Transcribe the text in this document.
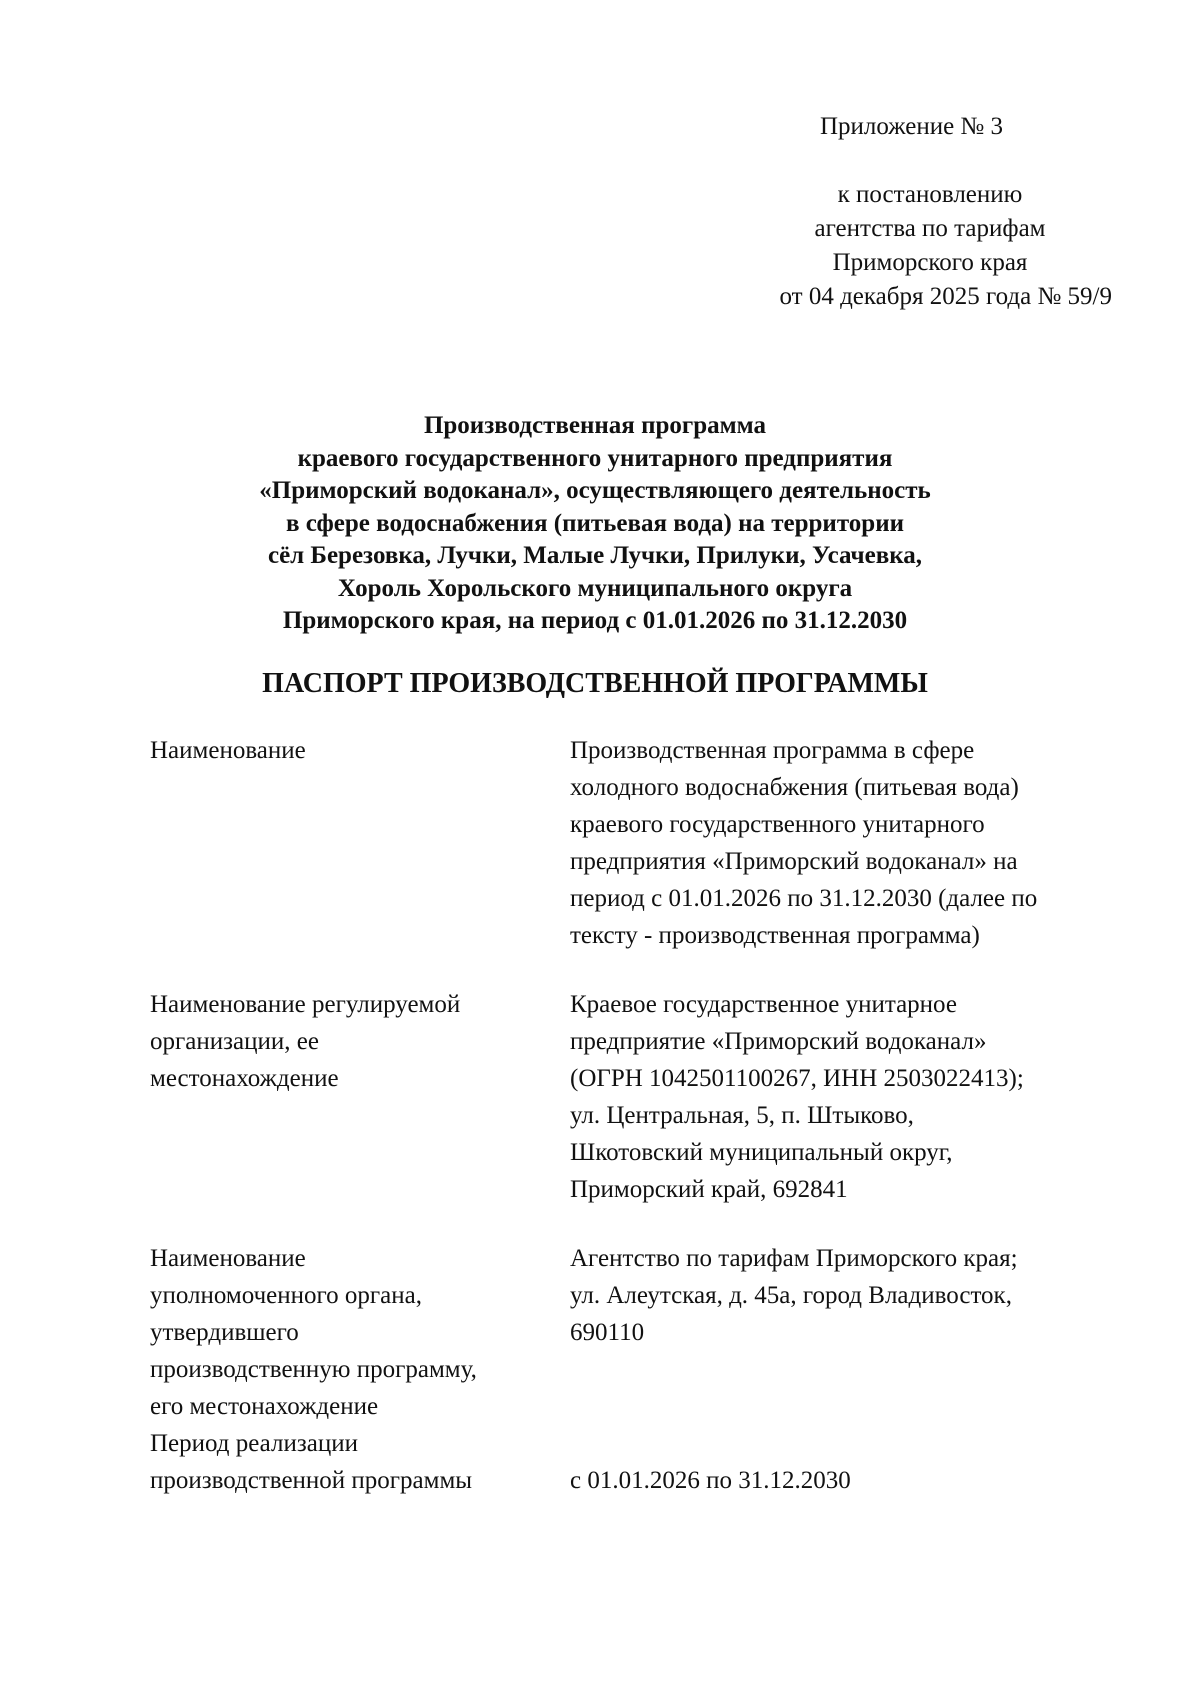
Приложение № 3
к постановлению
агентства по тарифам
Приморского края
от 04 декабря 2025 года № 59/9
Производственная программа
краевого государственного унитарного предприятия
«Приморский водоканал», осуществляющего деятельность
в сфере водоснабжения (питьевая вода) на территории
сёл Березовка, Лучки, Малые Лучки, Прилуки, Усачевка,
Хороль Хорольского муниципального округа
Приморского края, на период с 01.01.2026 по 31.12.2030
ПАСПОРТ ПРОИЗВОДСТВЕННОЙ ПРОГРАММЫ
Наименование	Производственная программа в сфере
холодного водоснабжения (питьевая вода)
краевого государственного унитарного
предприятия «Приморский водоканал» на
период с 01.01.2026 по 31.12.2030 (далее по
тексту - производственная программа)
Наименование регулируемой
организации, ее
местонахождение
Краевое государственное унитарное
предприятие «Приморский водоканал»
(ОГРН 1042501100267, ИНН 2503022413);
ул. Центральная, 5, п. Штыково,
Шкотовский муниципальный округ,
Приморский край, 692841
Наименование
уполномоченного органа,
утвердившего
производственную программу,
его местонахождение
Агентство по тарифам Приморского края;
ул. Алеутская, д. 45а, город Владивосток,
690110
Период реализации
производственной программы	с 01.01.2026 по 31.12.2030
